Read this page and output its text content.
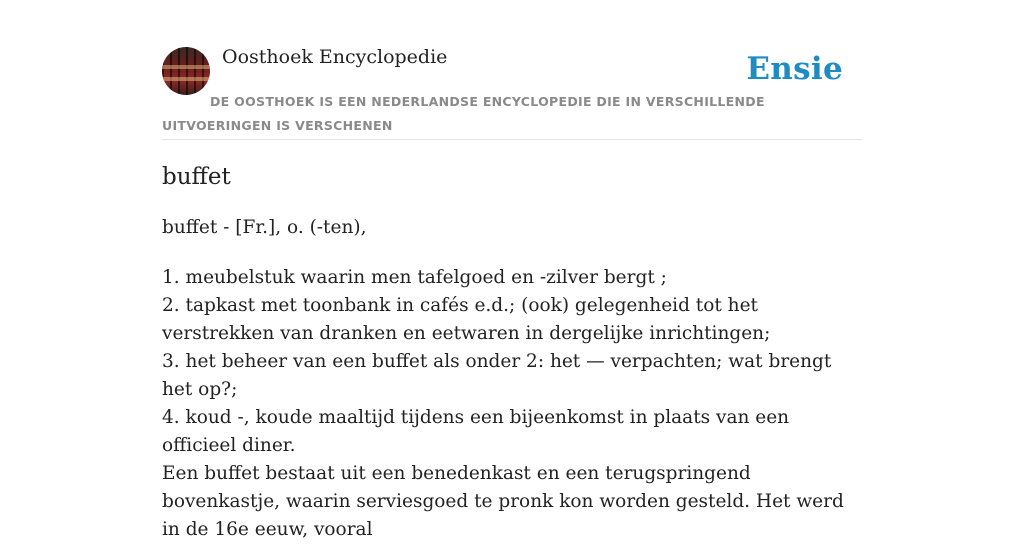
Oosthoek Encyclopedie	Ensie
DE OOSTHOEK IS EEN NEDERLANDSE ENCYCLOPEDIE DIE IN VERSCHILLENDE UITVOERINGEN IS VERSCHENEN
buffet

buffet - [Fr.], o. (-ten),

1. meubelstuk waarin men tafelgoed en -zilver bergt ;
2. tapkast met toonbank in cafés e.d.; (ook) gelegenheid tot het verstrekken van dranken en eetwaren in dergelijke inrichtingen;
3. het beheer van een buffet als onder 2: het — verpachten; wat brengt het op?;
4. koud -, koude maaltijd tijdens een bijeenkomst in plaats van een officieel diner.

Een buffet bestaat uit een benedenkast en een terugspringend bovenkastje, waarin serviesgoed te pronk kon worden gesteld. Het werd in de 16e eeuw, vooral
